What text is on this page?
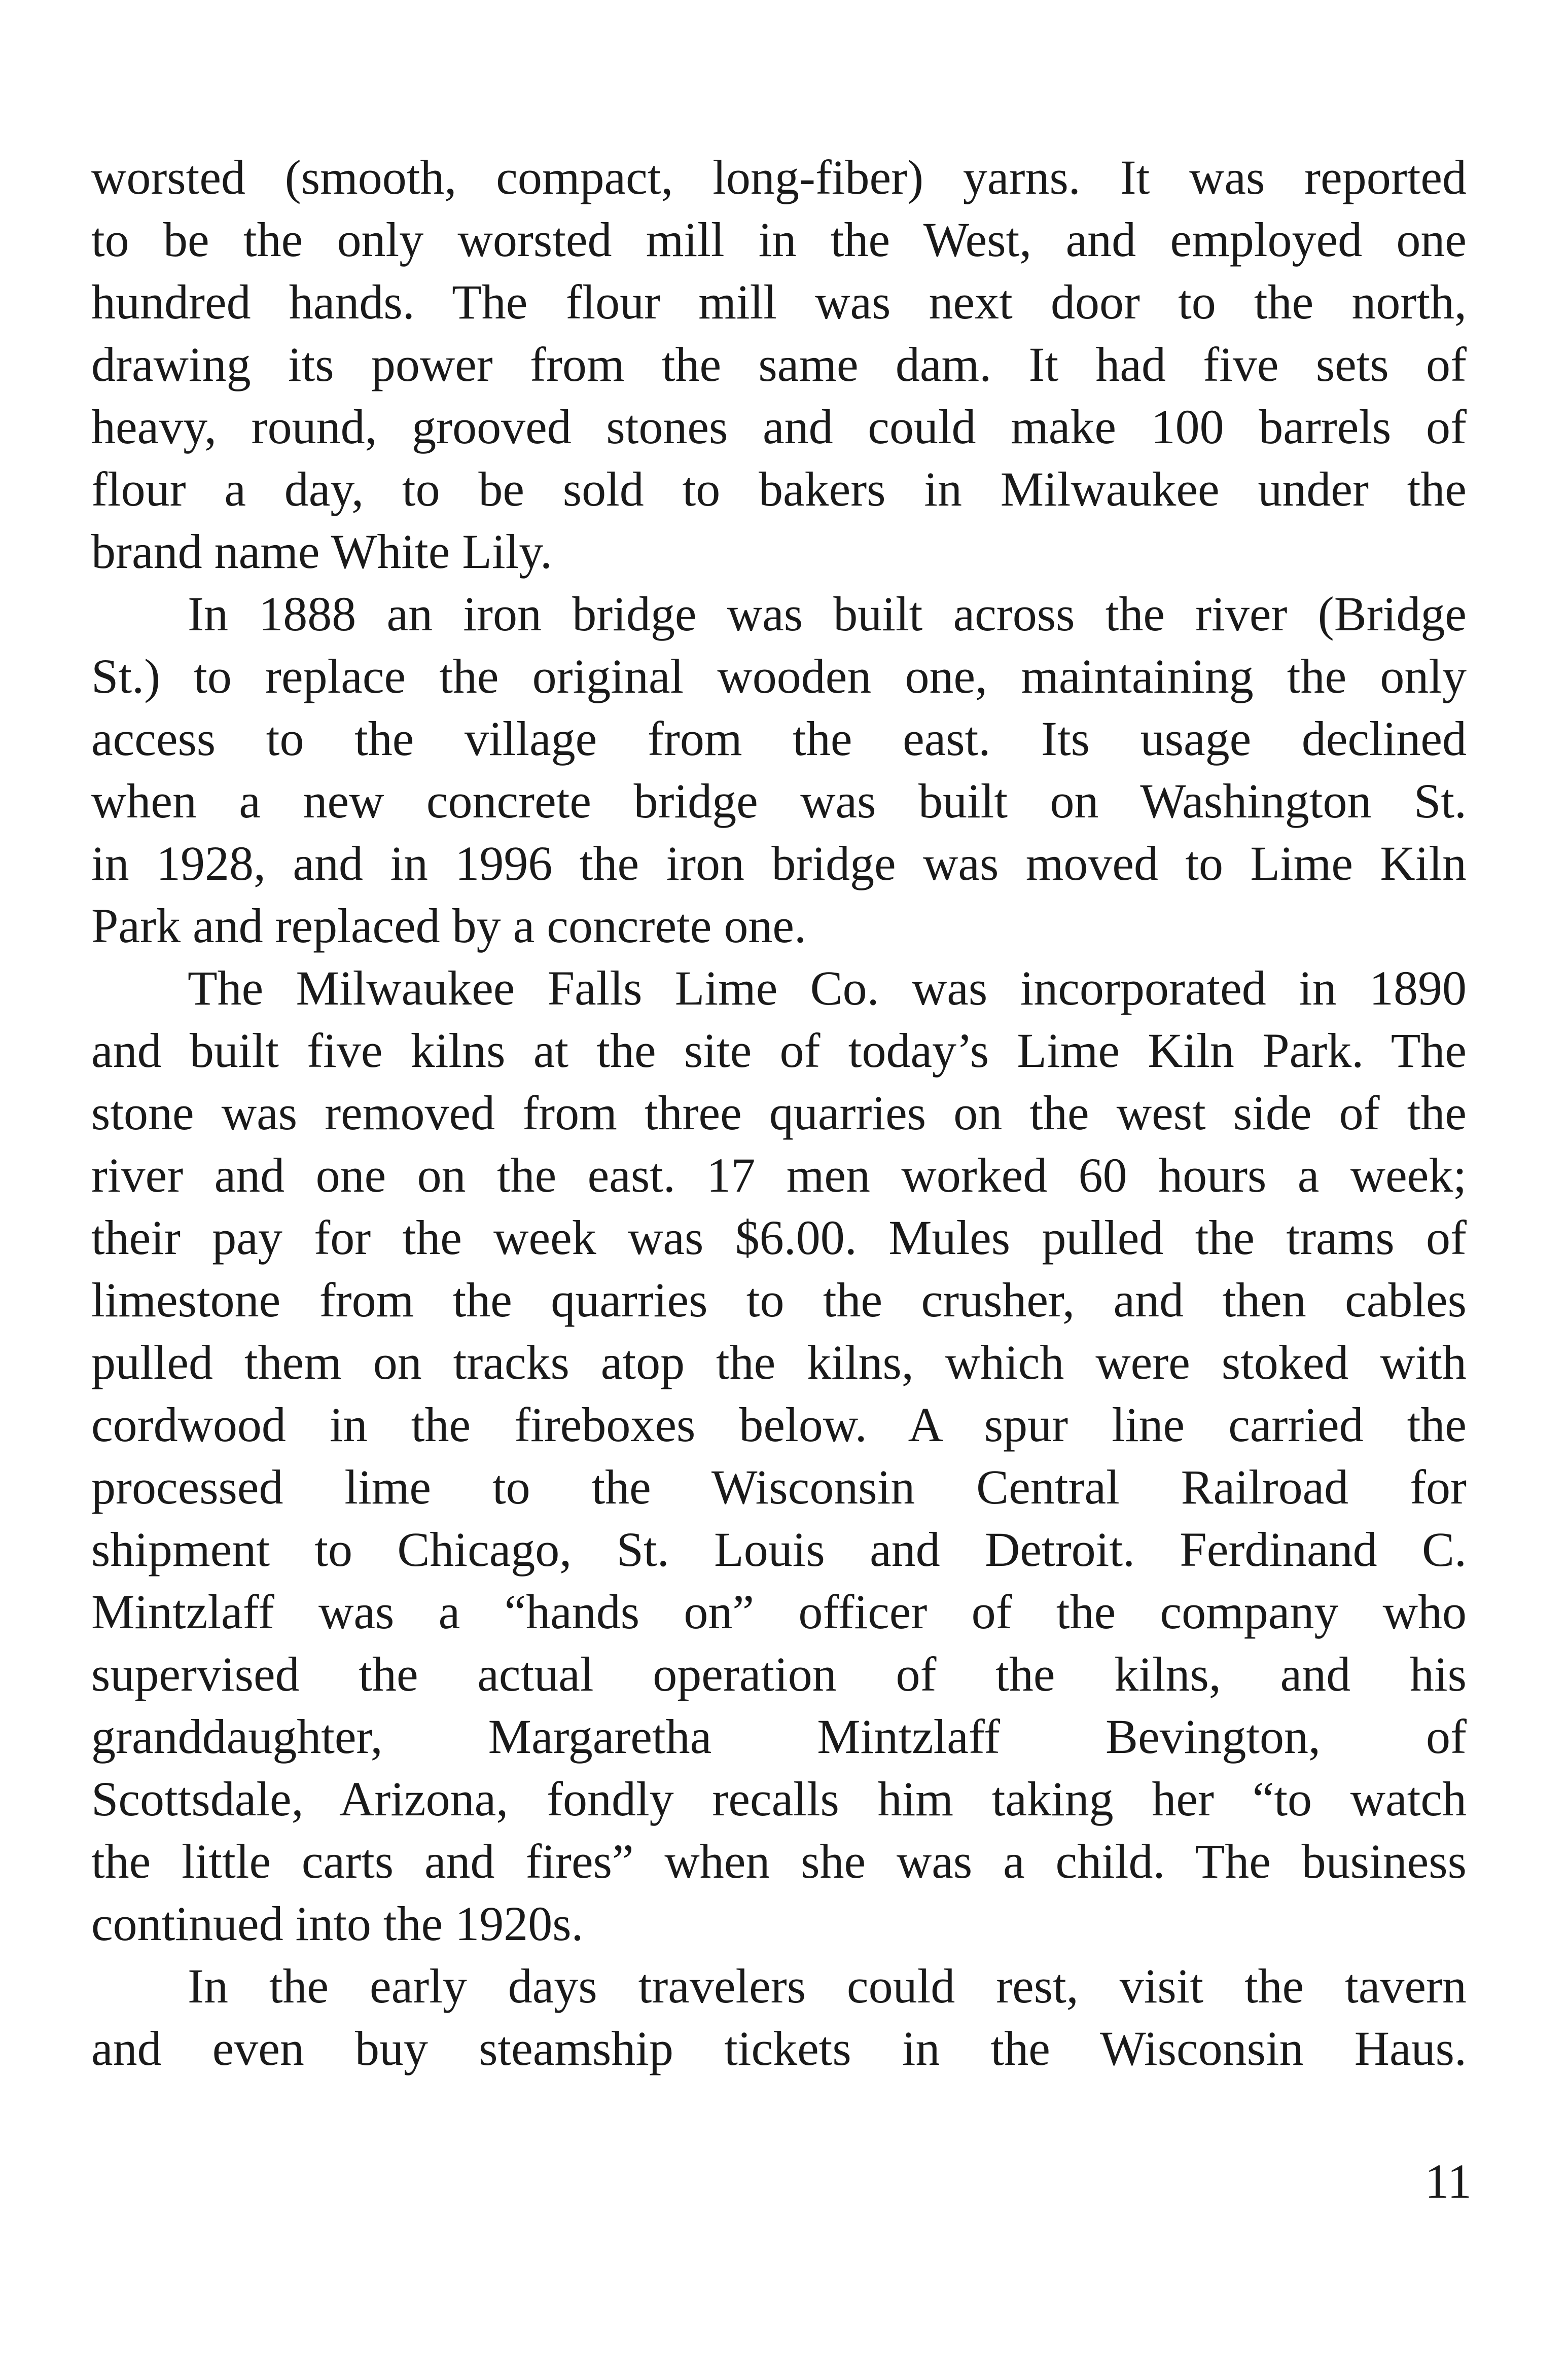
worsted (smooth, compact, long-fiber) yarns. It was reported
to be the only worsted mill in the West, and employed one
hundred hands. The flour mill was next door to the north,
drawing its power from the same dam. It had five sets of
heavy, round, grooved stones and could make 100 barrels of
flour a day, to be sold to bakers in Milwaukee under the
brand name White Lily.
In 1888 an iron bridge was built across the river (Bridge
St.) to replace the original wooden one, maintaining the only
access to the village from the east. Its usage declined
when a new concrete bridge was built on Washington St.
in 1928, and in 1996 the iron bridge was moved to Lime Kiln
Park and replaced by a concrete one.
The Milwaukee Falls Lime Co. was incorporated in 1890
and built five kilns at the site of today’s Lime Kiln Park. The
stone was removed from three quarries on the west side of the
river and one on the east. 17 men worked 60 hours a week;
their pay for the week was $6.00. Mules pulled the trams of
limestone from the quarries to the crusher, and then cables
pulled them on tracks atop the kilns, which were stoked with
cordwood in the fireboxes below. A spur line carried the
processed lime to the Wisconsin Central Railroad for
shipment to Chicago, St. Louis and Detroit. Ferdinand C.
Mintzlaff was a “hands on” officer of the company who
supervised the actual operation of the kilns, and his
granddaughter, Margaretha Mintzlaff Bevington, of
Scottsdale, Arizona, fondly recalls him taking her “to watch
the little carts and fires” when she was a child. The business
continued into the 1920s.
In the early days travelers could rest, visit the tavern
and even buy steamship tickets in the Wisconsin Haus.
11
